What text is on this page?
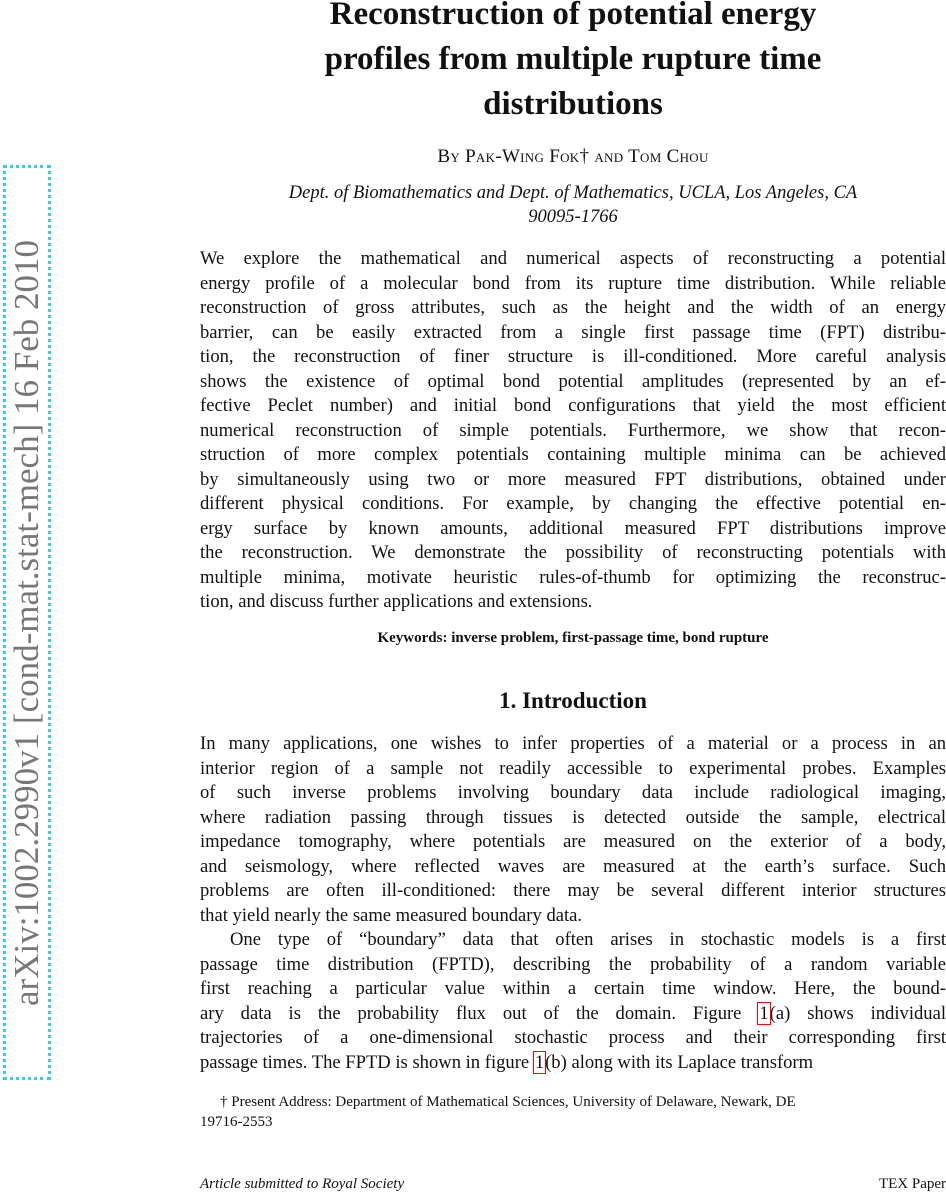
arXiv:1002.2990v1 [cond-mat.stat-mech] 16 Feb 2010
Reconstruction of potential energy
profiles from multiple rupture time
distributions
By Pak-Wing Fok† and Tom Chou
Dept. of Biomathematics and Dept. of Mathematics, UCLA, Los Angeles, CA
90095-1766
We explore the mathematical and numerical aspects of reconstructing a potential
energy profile of a molecular bond from its rupture time distribution. While reliable
reconstruction of gross attributes, such as the height and the width of an energy
barrier, can be easily extracted from a single first passage time (FPT) distribu-
tion, the reconstruction of finer structure is ill-conditioned. More careful analysis
shows the existence of optimal bond potential amplitudes (represented by an ef-
fective Peclet number) and initial bond configurations that yield the most efficient
numerical reconstruction of simple potentials. Furthermore, we show that recon-
struction of more complex potentials containing multiple minima can be achieved
by simultaneously using two or more measured FPT distributions, obtained under
different physical conditions. For example, by changing the effective potential en-
ergy surface by known amounts, additional measured FPT distributions improve
the reconstruction. We demonstrate the possibility of reconstructing potentials with
multiple minima, motivate heuristic rules-of-thumb for optimizing the reconstruc-
tion, and discuss further applications and extensions.
Keywords: inverse problem, first-passage time, bond rupture
1. Introduction
In many applications, one wishes to infer properties of a material or a process in an
interior region of a sample not readily accessible to experimental probes. Examples
of such inverse problems involving boundary data include radiological imaging,
where radiation passing through tissues is detected outside the sample, electrical
impedance tomography, where potentials are measured on the exterior of a body,
and seismology, where reflected waves are measured at the earth’s surface. Such
problems are often ill-conditioned: there may be several different interior structures
that yield nearly the same measured boundary data.
One type of “boundary” data that often arises in stochastic models is a first
passage time distribution (FPTD), describing the probability of a random variable
first reaching a particular value within a certain time window. Here, the bound-
ary data is the probability flux out of the domain. Figure 1(a) shows individual
trajectories of a one-dimensional stochastic process and their corresponding first
passage times. The FPTD is shown in figure 1(b) along with its Laplace transform
† Present Address: Department of Mathematical Sciences, University of Delaware, Newark, DE
19716-2553
Article submitted to Royal Society	TEX Paper
